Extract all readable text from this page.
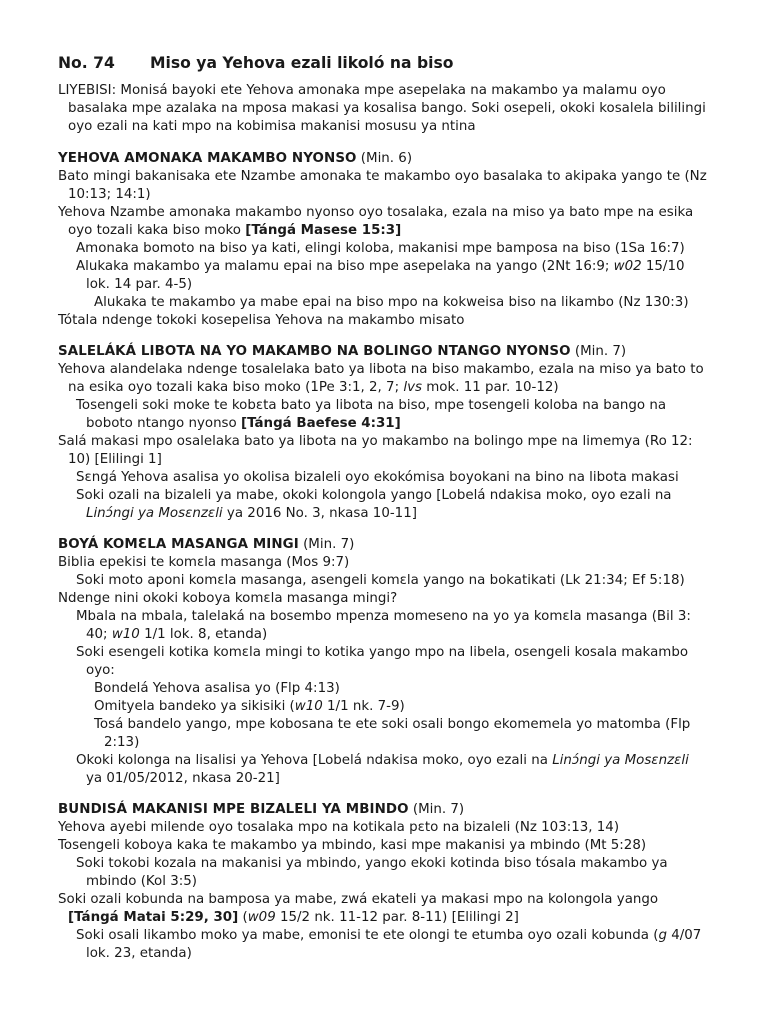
No. 74	Miso ya Yehova ezali likoló na biso
LIYEBISI: Monisá bayoki ete Yehova amonaka mpe asepelaka na makambo ya malamu oyo basalaka mpe azalaka na mposa makasi ya kosalisa bango. Soki osepeli, okoki kosalela bililingi oyo ezali na kati mpo na kobimisa makanisi mosusu ya ntina
YEHOVA AMONAKA MAKAMBO NYONSO (Min. 6)
Bato mingi bakanisaka ete Nzambe amonaka te makambo oyo basalaka to akipaka yango te (Nz 10:13; 14:1)
Yehova Nzambe amonaka makambo nyonso oyo tosalaka, ezala na miso ya bato mpe na esika oyo tozali kaka biso moko [Tángá Masese 15:3]
Amonaka bomoto na biso ya kati, elingi koloba, makanisi mpe bamposa na biso (1Sa 16:7)
Alukaka makambo ya malamu epai na biso mpe asepelaka na yango (2Nt 16:9; w02 15/10 lok. 14 par. 4-5)
Alukaka te makambo ya mabe epai na biso mpo na kokweisa biso na likambo (Nz 130:3)
Tótala ndenge tokoki kosepelisa Yehova na makambo misato
SALELÁKÁ LIBOTA NA YO MAKAMBO NA BOLINGO NTANGO NYONSO (Min. 7)
Yehova alandelaka ndenge tosalelaka bato ya libota na biso makambo, ezala na miso ya bato to na esika oyo tozali kaka biso moko (1Pe 3:1, 2, 7; lvs mok. 11 par. 10-12)
Tosengeli soki moke te kobɛta bato ya libota na biso, mpe tosengeli koloba na bango na boboto ntango nyonso [Tángá Baefese 4:31]
Salá makasi mpo osalelaka bato ya libota na yo makambo na bolingo mpe na limemya (Ro 12: 10) [Elilingi 1]
Sɛngá Yehova asalisa yo okolisa bizaleli oyo ekokómisa boyokani na bino na libota makasi
Soki ozali na bizaleli ya mabe, okoki kolongola yango [Lobelá ndakisa moko, oyo ezali na Linɔ́ngi ya Mosɛnzɛli ya 2016 No. 3, nkasa 10-11]
BOYÁ KOMƐLA MASANGA MINGI (Min. 7)
Biblia epekisi te komɛla masanga (Mos 9:7)
Soki moto aponi komɛla masanga, asengeli komɛla yango na bokatikati (Lk 21:34; Ef 5:18)
Ndenge nini okoki koboya komɛla masanga mingi?
Mbala na mbala, talelaká na bosembo mpenza momeseno na yo ya komɛla masanga (Bil 3: 40; w10 1/1 lok. 8, etanda)
Soki esengeli kotika komɛla mingi to kotika yango mpo na libela, osengeli kosala makambo oyo:
Bondelá Yehova asalisa yo (Flp 4:13)
Omityela bandeko ya sikisiki (w10 1/1 nk. 7-9)
Tosá bandelo yango, mpe kobosana te ete soki osali bongo ekomemela yo matomba (Flp 2:13)
Okoki kolonga na lisalisi ya Yehova [Lobelá ndakisa moko, oyo ezali na Linɔ́ngi ya Mosɛnzɛli ya 01/05/2012, nkasa 20-21]
BUNDISÁ MAKANISI MPE BIZALELI YA MBINDO (Min. 7)
Yehova ayebi milende oyo tosalaka mpo na kotikala pɛto na bizaleli (Nz 103:13, 14)
Tosengeli koboya kaka te makambo ya mbindo, kasi mpe makanisi ya mbindo (Mt 5:28)
Soki tokobi kozala na makanisi ya mbindo, yango ekoki kotinda biso tósala makambo ya mbindo (Kol 3:5)
Soki ozali kobunda na bamposa ya mabe, zwá ekateli ya makasi mpo na kolongola yango [Tángá Matai 5:29, 30] (w09 15/2 nk. 11-12 par. 8-11) [Elilingi 2]
Soki osali likambo moko ya mabe, emonisi te ete olongi te etumba oyo ozali kobunda (g 4/07 lok. 23, etanda)
